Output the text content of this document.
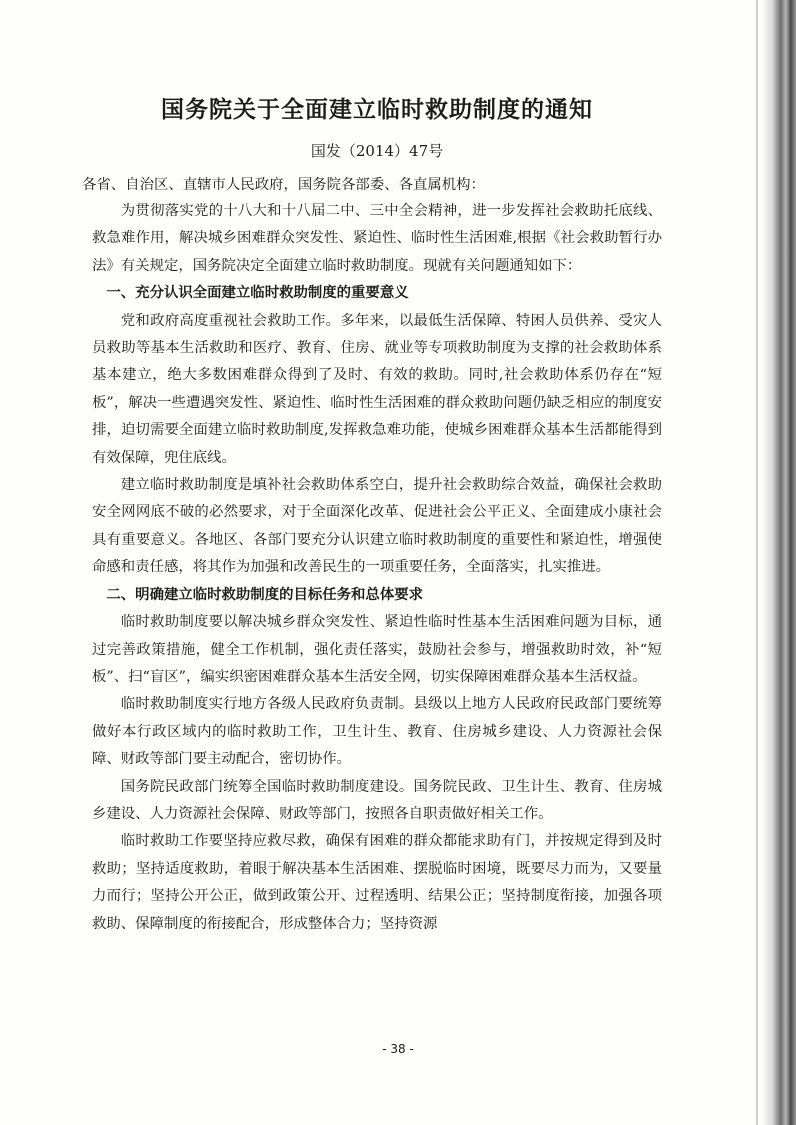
国务院关于全面建立临时救助制度的通知
国发（2014）47号
各省、自治区、直辖市人民政府，国务院各部委、各直属机构：

为贯彻落实党的十八大和十八届二中、三中全会精神，进一步发挥社会救助托底线、救急难作用，解决城乡困难群众突发性、紧迫性、临时性生活困难,根据《社会救助暂行办法》有关规定，国务院决定全面建立临时救助制度。现就有关问题通知如下：

一、充分认识全面建立临时救助制度的重要意义

党和政府高度重视社会救助工作。多年来，以最低生活保障、特困人员供养、受灾人员救助等基本生活救助和医疗、教育、住房、就业等专项救助制度为支撑的社会救助体系基本建立，绝大多数困难群众得到了及时、有效的救助。同时,社会救助体系仍存在“短板”，解决一些遭遇突发性、紧迫性、临时性生活困难的群众救助问题仍缺乏相应的制度安排，迫切需要全面建立临时救助制度,发挥救急难功能，使城乡困难群众基本生活都能得到有效保障，兜住底线。

建立临时救助制度是填补社会救助体系空白，提升社会救助综合效益，确保社会救助安全网网底不破的必然要求，对于全面深化改革、促进社会公平正义、全面建成小康社会具有重要意义。各地区、各部门要充分认识建立临时救助制度的重要性和紧迫性，增强使命感和责任感，将其作为加强和改善民生的一项重要任务，全面落实，扎实推进。

二、明确建立临时救助制度的目标任务和总体要求

临时救助制度要以解决城乡群众突发性、紧迫性临时性基本生活困难问题为目标，通过完善政策措施，健全工作机制，强化责任落实，鼓励社会参与，增强救助时效，补“短板”、扫“盲区”，编实织密困难群众基本生活安全网，切实保障困难群众基本生活权益。

临时救助制度实行地方各级人民政府负责制。县级以上地方人民政府民政部门要统筹做好本行政区域内的临时救助工作，卫生计生、教育、住房城乡建设、人力资源社会保障、财政等部门要主动配合，密切协作。

国务院民政部门统筹全国临时救助制度建设。国务院民政、卫生计生、教育、住房城乡建设、人力资源社会保障、财政等部门，按照各自职责做好相关工作。

临时救助工作要坚持应救尽救，确保有困难的群众都能求助有门，并按规定得到及时救助；坚持适度救助，着眼于解决基本生活困难、摆脱临时困境，既要尽力而为，又要量力而行；坚持公开公正，做到政策公开、过程透明、结果公正；坚持制度衔接，加强各项救助、保障制度的衔接配合，形成整体合力；坚持资源

- 38 -
